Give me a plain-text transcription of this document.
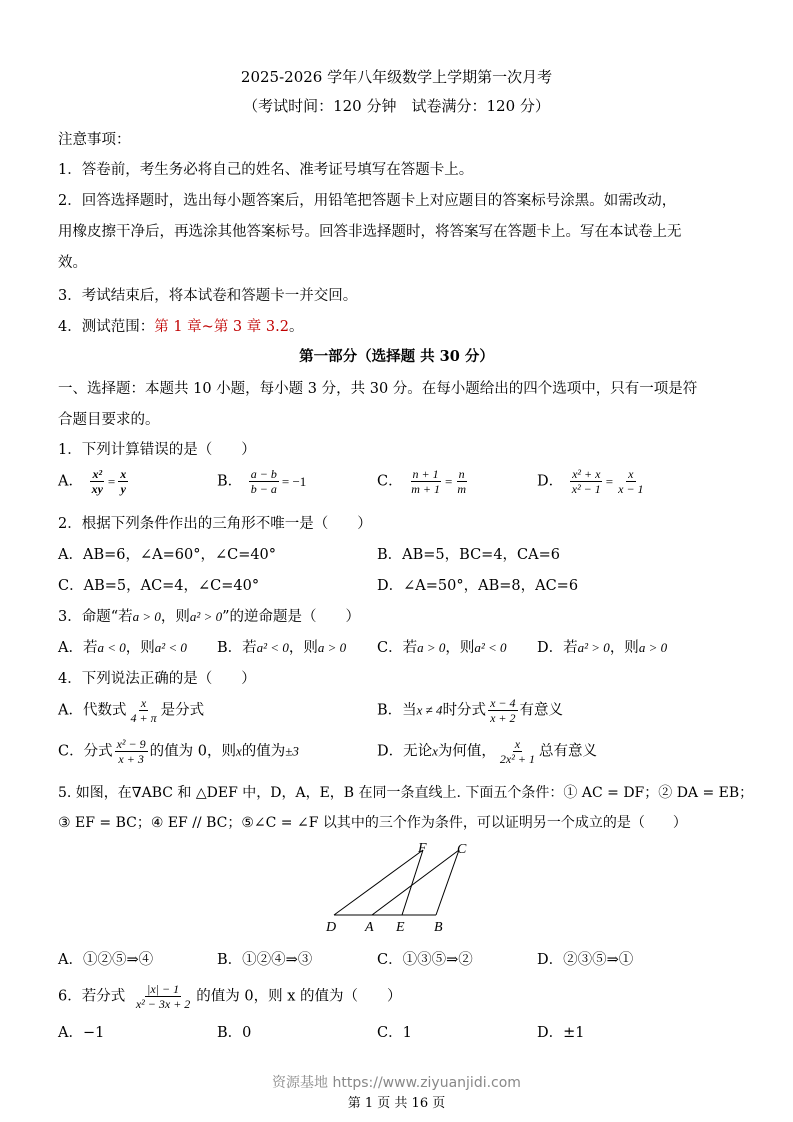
2025-2026 学年八年级数学上学期第一次月考
（考试时间：120 分钟　试卷满分：120 分）
注意事项：
1．答卷前，考生务必将自己的姓名、准考证号填写在答题卡上。
2．回答选择题时，选出每小题答案后，用铅笔把答题卡上对应题目的答案标号涂黑。如需改动，
用橡皮擦干净后，再选涂其他答案标号。回答非选择题时，将答案写在答题卡上。写在本试卷上无
效。
3．考试结束后，将本试卷和答题卡一并交回。
4．测试范围：第 1 章~第 3 章 3.2。
第一部分（选择题 共 30 分）
一、选择题：本题共 10 小题，每小题 3 分，共 30 分。在每小题给出的四个选项中，只有一项是符
合题目要求的。
1．下列计算错误的是（　　）
A． $\frac{\text{x²}}{xy} = \frac{x}{y}$	B． $\frac{a - b}{b - a} = -1$	C． $\frac{n + 1}{m + 1} = \frac{n}{m}$	D． $\frac{\text{x² + x}}{\text{x² − 1}} = \frac{x}{x - 1}$
2．根据下列条件作出的三角形不唯一是（　　）
A．AB=6，∠A=60°，∠C=40°	B．AB=5，BC=4，CA=6
C．AB=5，AC=4，∠C=40°	D．∠A=50°，AB=8，AC=6
3．命题“若a > 0，则a² > 0”的逆命题是（　　）
A．若a < 0，则a² < 0 B．若a² < 0，则a > 0 C．若a > 0，则a² < 0 D．若a² > 0，则a > 0
4．下列说法正确的是（　　）
A．代数式 $\frac{x}{4 + \pi}$ 是分式	B．当x ≠ 4时分式 $\frac{x - 4}{x + 2}$ 有意义
C．分式 $\frac{\text{x² − 9}}{x + 3}$ 的值为 0，则x的值为±3	D．无论x为何值， $\frac{x}{\text{2x² + 1}}$ 总有意义
5. 如图，在∇ABC 和 △DEF 中，D，A，E，B 在同一条直线上. 下面五个条件：① AC = DF；② DA = EB；
③ EF = BC；④ EF // BC；⑤∠C = ∠F 以其中的三个作为条件，可以证明另一个成立的是（　　）
F C
D A E B
A．①②⑤⇒④	B．①②④⇒③	C．①③⑤⇒②	D．②③⑤⇒①
6．若分式 $\frac{|x| - 1}{\text{x² − 3x + 2}}$ 的值为 0，则 x 的值为（　　）
A．−1	B．0	C．1	D．±1
资源基地 https://www.ziyuanjidi.com
第 1 页 共 16 页
